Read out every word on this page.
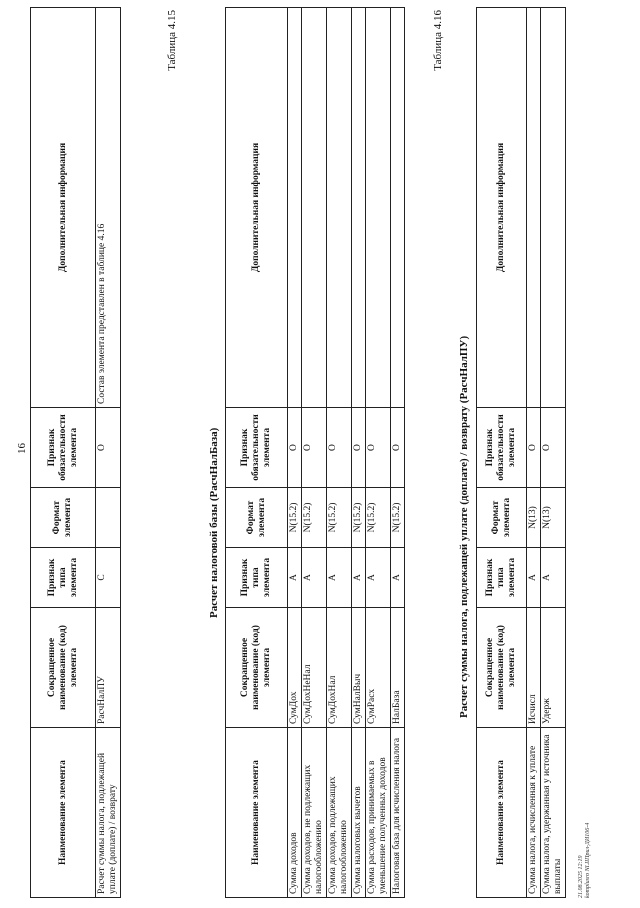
16
Наименование элемента	Сокращенное наименование (код) элемента	Признак типа элемента	Формат элемента	Признак обязательности элемента	Дополнительная информация
Расчет суммы налога, подлежащей уплате (доплате) / возврату	РасчНалПУ	С		О	Состав элемента представлен в таблице 4.16
Таблица 4.15
Расчет налоговой базы (РасчНалБаза)
Наименование элемента	Сокращенное наименование (код) элемента	Признак типа элемента	Формат элемента	Признак обязательности элемента	Дополнительная информация
Сумма доходов	СумДох	А	N(15.2)	О	
Сумма доходов, не подлежащих налогообложению	СумДохНеНал	А	N(15.2)	О	
Сумма доходов, подлежащих налогообложению	СумДохНал	А	N(15.2)	О	
Сумма налоговых вычетов	СумНалВыч	А	N(15.2)	О	
Сумма расходов, принимаемых в уменьшение полученных доходов	СумРасх	А	N(15.2)	О	
Налоговая база для исчисления налога	НалБаза	А	N(15.2)	О	
Таблица 4.16
Расчет суммы налога, подлежащей уплате (доплате) / возврату (РасчНалПУ)
Наименование элемента	Сокращенное наименование (код) элемента	Признак типа элемента	Формат элемента	Признак обязательности элемента	Дополнительная информация
Сумма налога, исчисленная к уплате	Исчисл	А	N(13)	О	
Сумма налога, удержанная у источника выплаты	Удерж	А	N(13)	О	
21.08.2025 12:19 komplusro NI.IIПрил-ДИ106-4
